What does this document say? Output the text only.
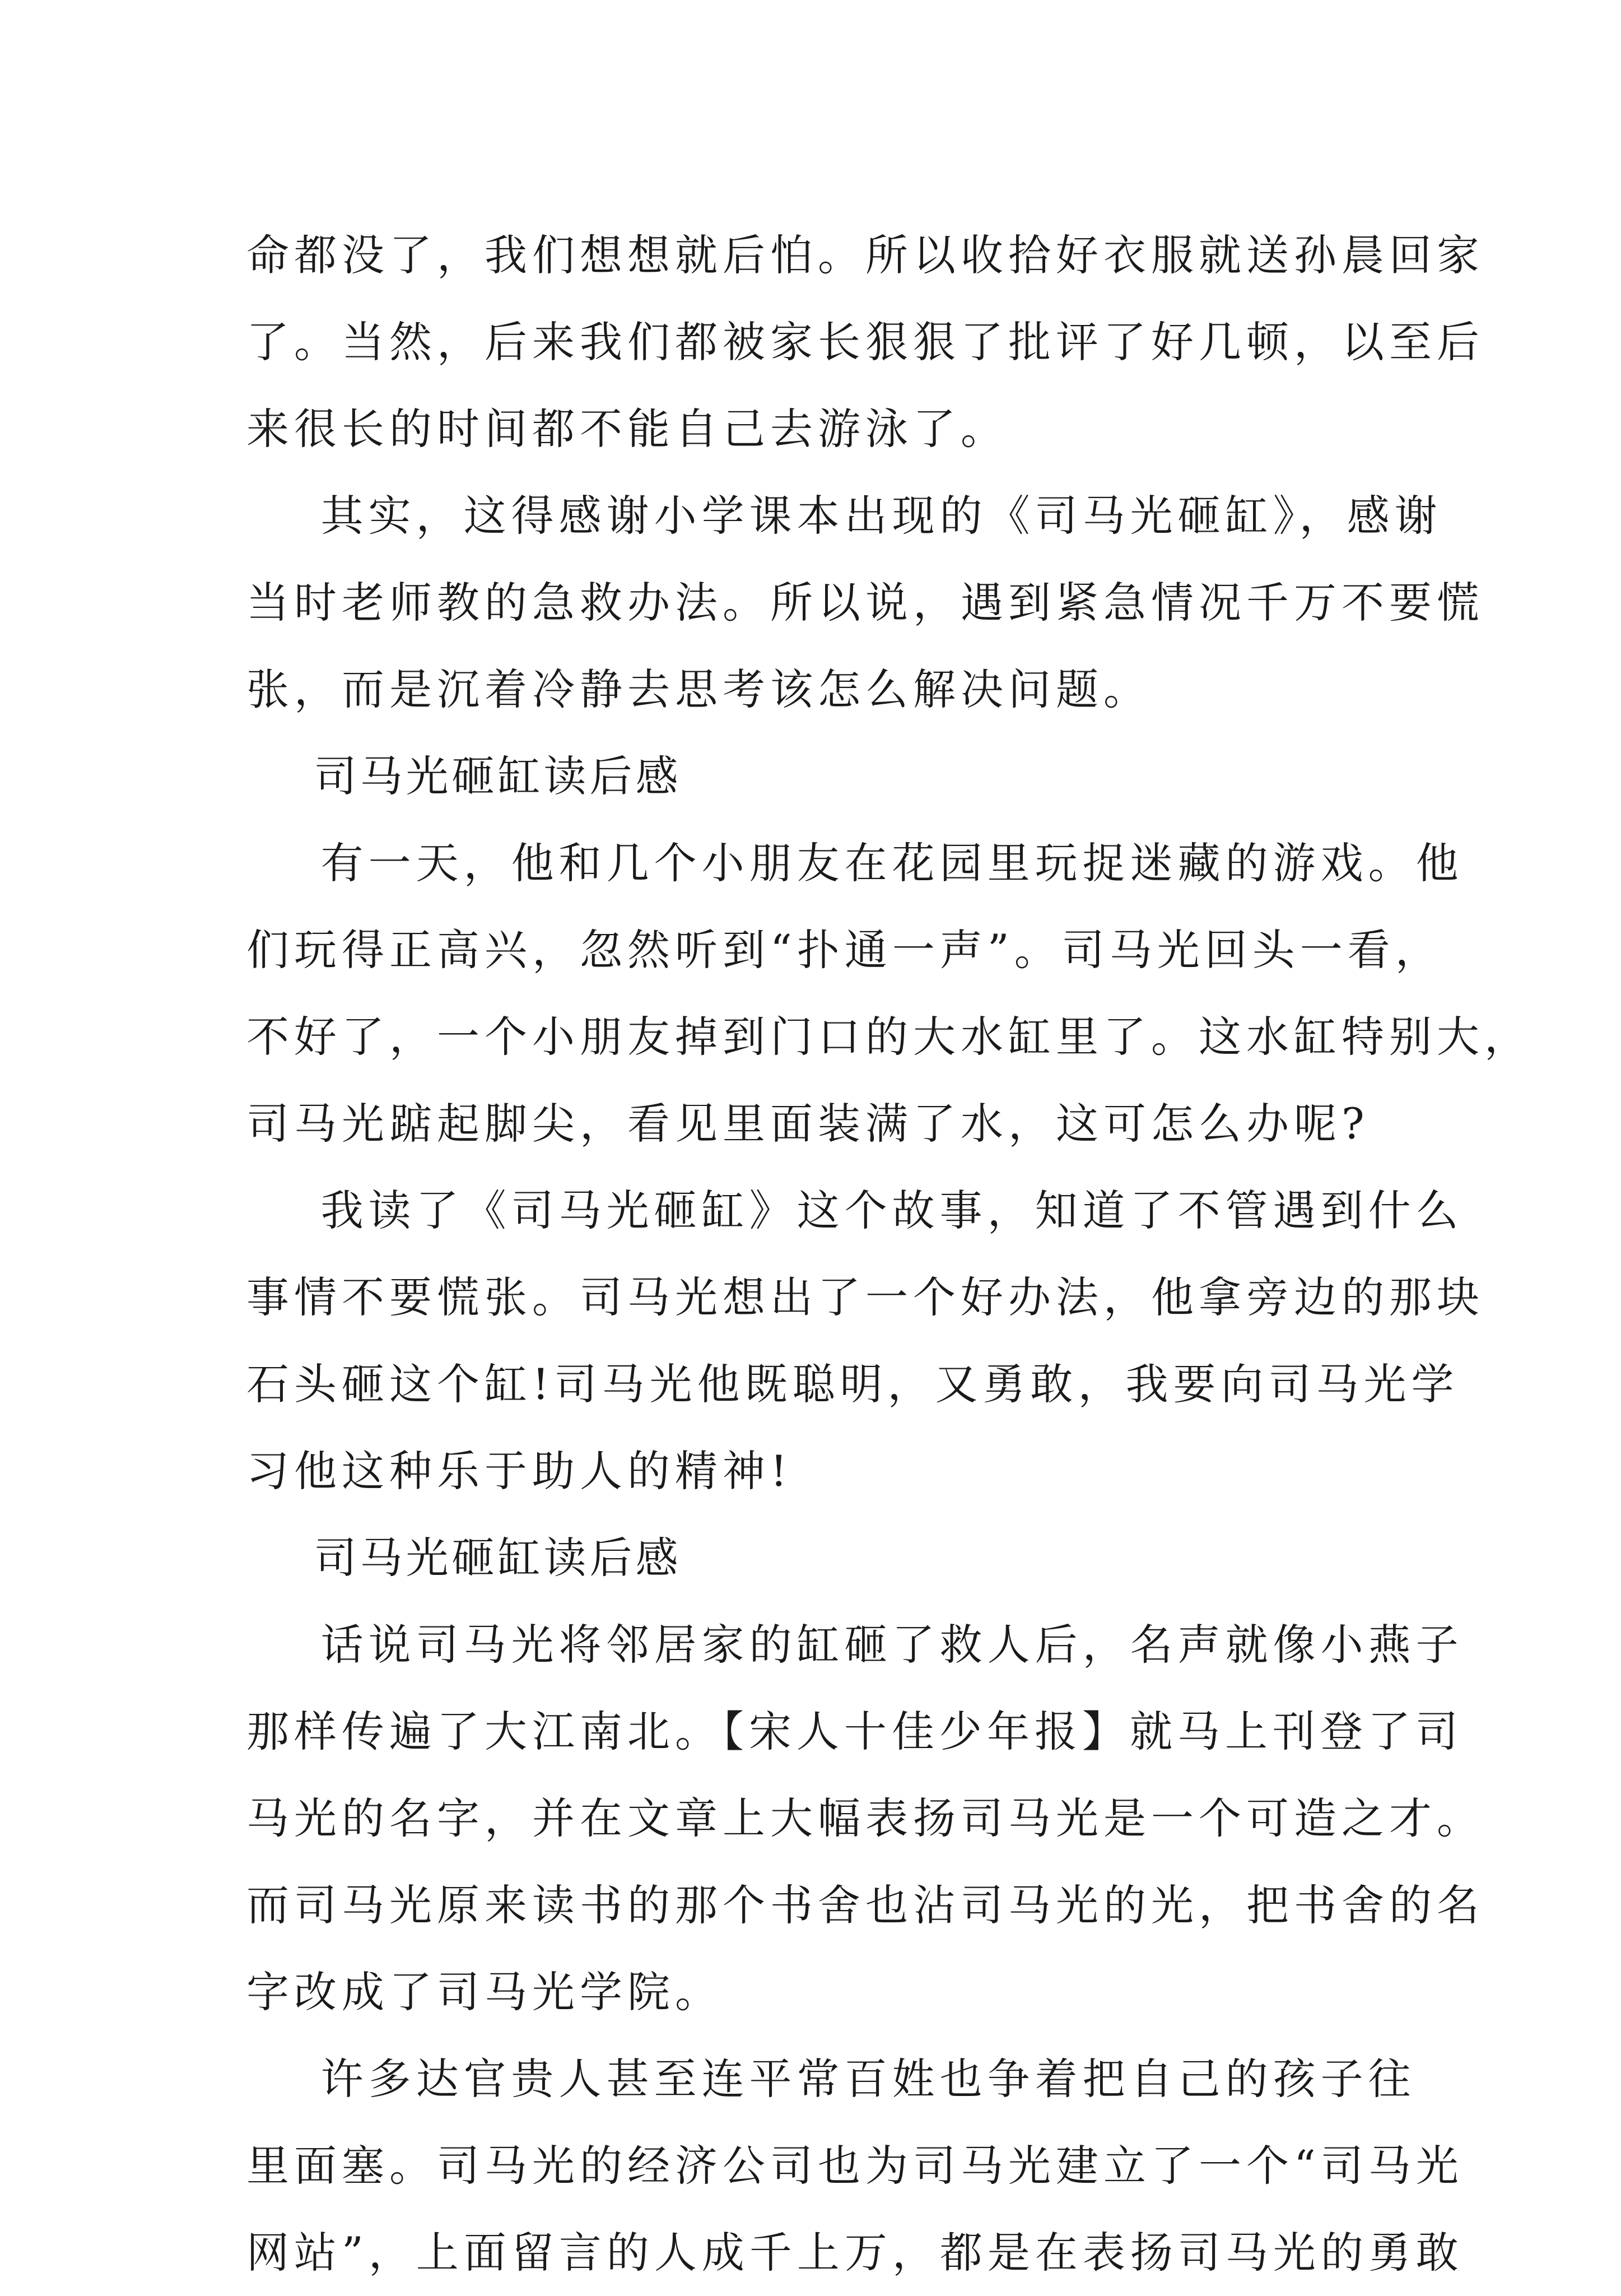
命都没了，我们想想就后怕。所以收拾好衣服就送孙晨回家
了。当然，后来我们都被家长狠狠了批评了好几顿，以至后
来很长的时间都不能自己去游泳了。

其实，这得感谢小学课本出现的《司马光砸缸》，感谢
当时老师教的急救办法。所以说，遇到紧急情况千万不要慌
张，而是沉着冷静去思考该怎么解决问题。

司马光砸缸读后感

有一天，他和几个小朋友在花园里玩捉迷藏的游戏。他
们玩得正高兴，忽然听到“扑通一声”。司马光回头一看，
不好了，一个小朋友掉到门口的大水缸里了。这水缸特别大，
司马光踮起脚尖，看见里面装满了水，这可怎么办呢?

我读了《司马光砸缸》这个故事，知道了不管遇到什么
事情不要慌张。司马光想出了一个好办法，他拿旁边的那块
石头砸这个缸!司马光他既聪明，又勇敢，我要向司马光学
习他这种乐于助人的精神!

司马光砸缸读后感

话说司马光将邻居家的缸砸了救人后，名声就像小燕子
那样传遍了大江南北。【宋人十佳少年报】就马上刊登了司
马光的名字，并在文章上大幅表扬司马光是一个可造之才。
而司马光原来读书的那个书舍也沾司马光的光，把书舍的名
字改成了司马光学院。

许多达官贵人甚至连平常百姓也争着把自己的孩子往
里面塞。司马光的经济公司也为司马光建立了一个“司马光
网站”，上面留言的人成千上万，都是在表扬司马光的勇敢
